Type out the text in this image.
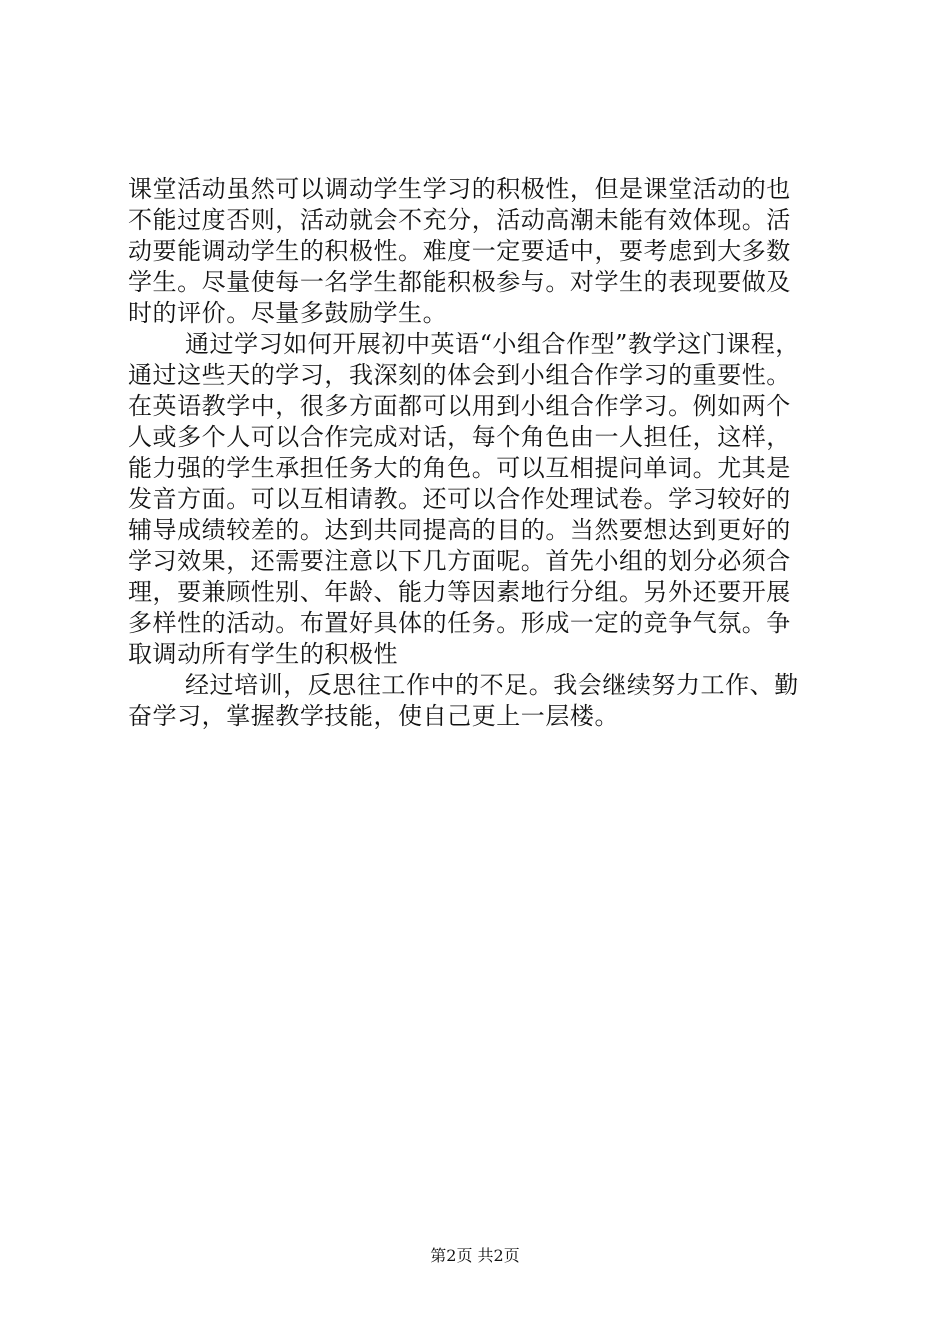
课堂活动虽然可以调动学生学习的积极性，但是课堂活动的也
不能过度否则，活动就会不充分，活动高潮未能有效体现。活
动要能调动学生的积极性。难度一定要适中，要考虑到大多数
学生。尽量使每一名学生都能积极参与。对学生的表现要做及
时的评价。尽量多鼓励学生。
通过学习如何开展初中英语“小组合作型”教学这门课程，
通过这些天的学习，我深刻的体会到小组合作学习的重要性。
在英语教学中，很多方面都可以用到小组合作学习。例如两个
人或多个人可以合作完成对话，每个角色由一人担任，这样，
能力强的学生承担任务大的角色。可以互相提问单词。尤其是
发音方面。可以互相请教。还可以合作处理试卷。学习较好的
辅导成绩较差的。达到共同提高的目的。当然要想达到更好的
学习效果，还需要注意以下几方面呢。首先小组的划分必须合
理，要兼顾性别、年龄、能力等因素地行分组。另外还要开展
多样性的活动。布置好具体的任务。形成一定的竞争气氛。争
取调动所有学生的积极性
经过培训，反思往工作中的不足。我会继续努力工作、勤
奋学习，掌握教学技能，使自己更上一层楼。
第2页 共2页
